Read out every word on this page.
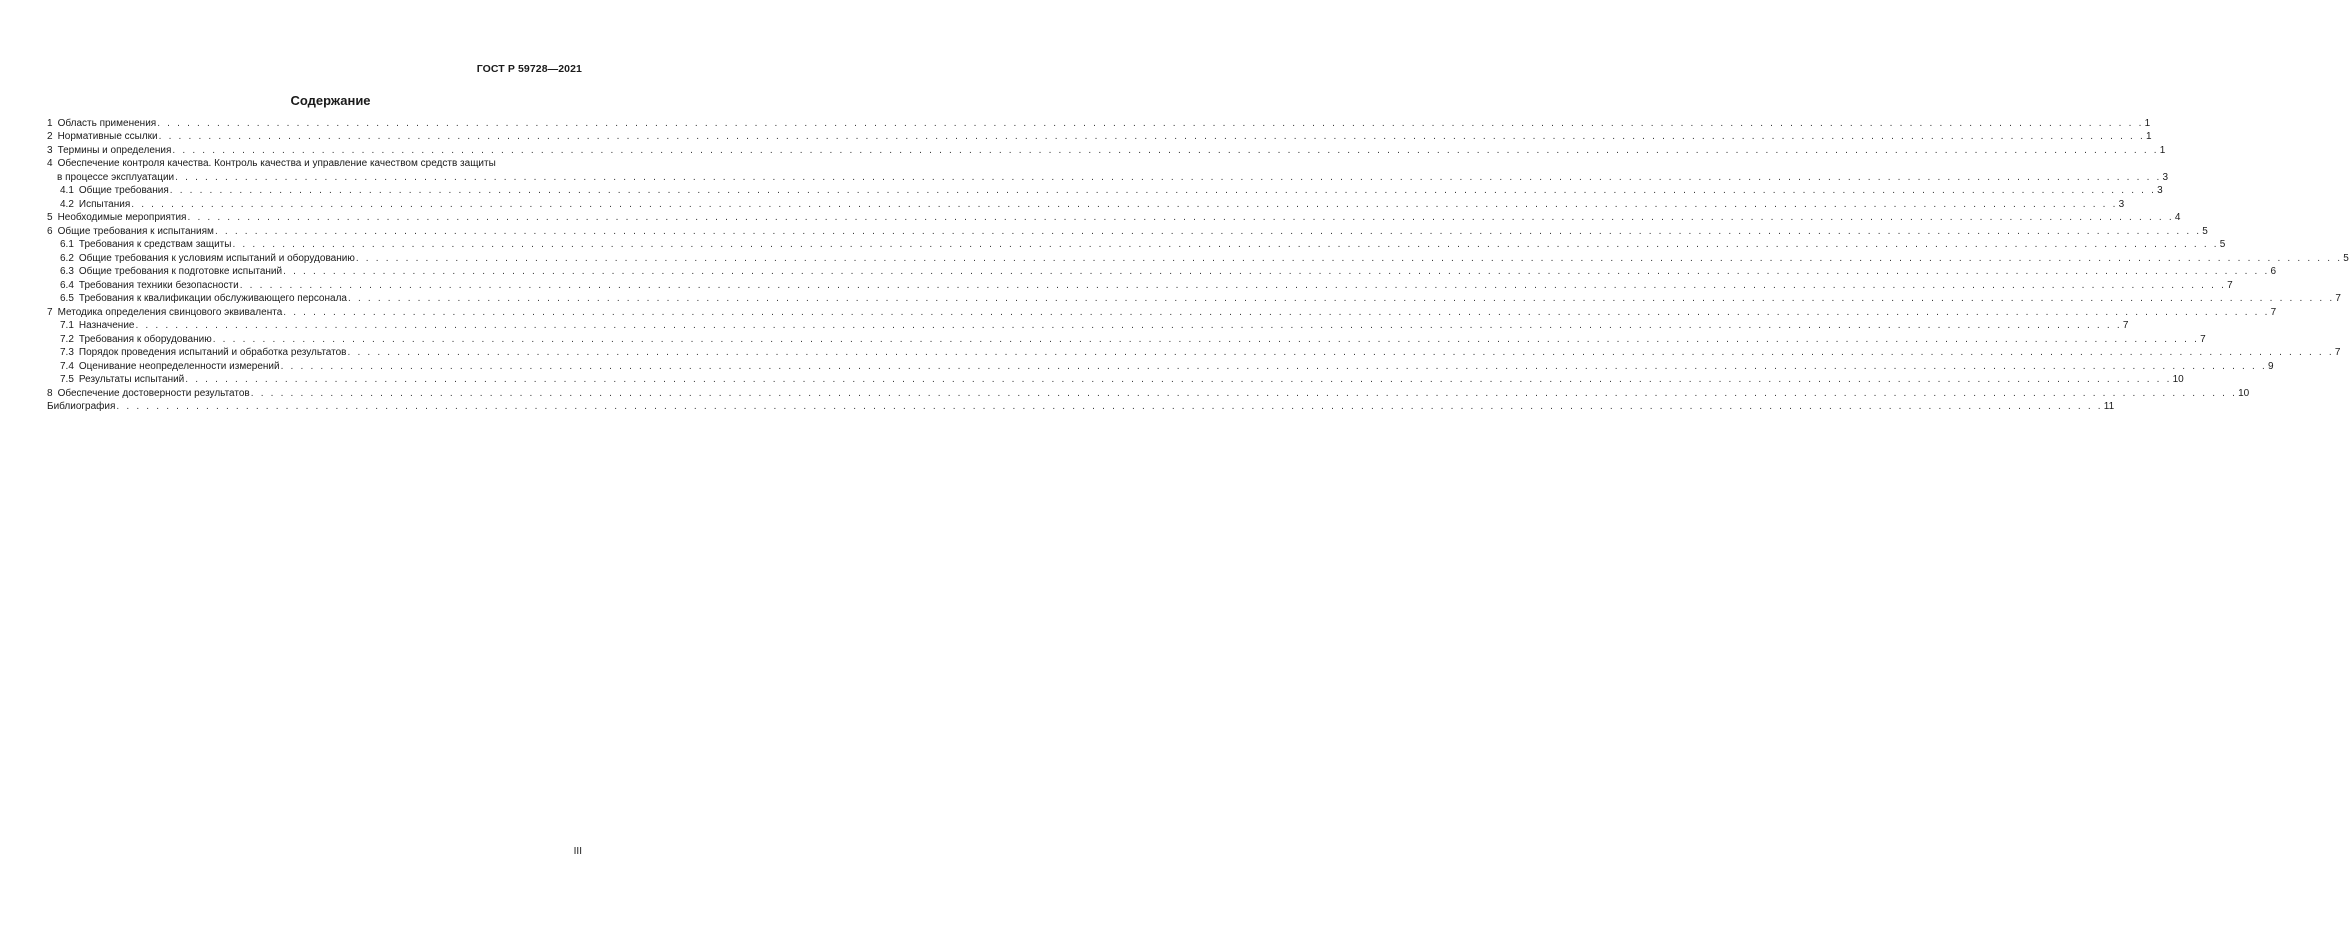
ГОСТ Р 59728—2021
Содержание
1 Область применения . . . . . . . . . . . . . . . . . . . . . . . . . . . . . . . . . . . . . . . . . . . . . . . . . . . . . . . . . . . . . . . . . . . . . . . . . . . . . . . . . . . . . . . . . . . . . . . . . . . . . . . . . . . . . . . . . . . . . . . . . . . . . . . . . . . . . . . . . . . . . . . . . . . . . . . . . . . . . . . . . . . . . . . . . . . . . . . . . . . . . . . . . . . . . . . . . . . . . . . . 1
2 Нормативные ссылки . . . . . . . . . . . . . . . . . . . . . . . . . . . . . . . . . . . . . . . . . . . . . . . . . . . . . . . . . . . . . . . . . . . . . . . . . . . . . . . . . . . . . . . . . . . . . . . . . . . . . . . . . . . . . . . . . . . . . . . . . . . . . . . . . . . . . . . . . . . . . . . . . . . . . . . . . . . . . . . . . . . . . . . . . . . . . . . . . . . . . . . . . . . . . . . . . . . . . . . . 1
3 Термины и определения . . . . . . . . . . . . . . . . . . . . . . . . . . . . . . . . . . . . . . . . . . . . . . . . . . . . . . . . . . . . . . . . . . . . . . . . . . . . . . . . . . . . . . . . . . . . . . . . . . . . . . . . . . . . . . . . . . . . . . . . . . . . . . . . . . . . . . . . . . . . . . . . . . . . . . . . . . . . . . . . . . . . . . . . . . . . . . . . . . . . . . . . . . . . . . . . . . . . . . . . 1
4 Обеспечение контроля качества. Контроль качества и управление качеством средств защиты
в процессе эксплуатации . . . . . . . . . . . . . . . . . . . . . . . . . . . . . . . . . . . . . . . . . . . . . . . . . . . . . . . . . . . . . . . . . . . . . . . . . . . . . . . . . . . . . . . . . . . . . . . . . . . . . . . . . . . . . . . . . . . . . . . . . . . . . . . . . . . . . . . . . . . . . . . . . . . . . . . . . . . . . . . . . . . . . . . . . . . . . . . . . . . . . . . . . . . . . . . . . . . . . . . . 3
4.1 Общие требования . . . . . . . . . . . . . . . . . . . . . . . . . . . . . . . . . . . . . . . . . . . . . . . . . . . . . . . . . . . . . . . . . . . . . . . . . . . . . . . . . . . . . . . . . . . . . . . . . . . . . . . . . . . . . . . . . . . . . . . . . . . . . . . . . . . . . . . . . . . . . . . . . . . . . . . . . . . . . . . . . . . . . . . . . . . . . . . . . . . . . . . . . . . . . . . . . . . . . . . . 3
4.2 Испытания . . . . . . . . . . . . . . . . . . . . . . . . . . . . . . . . . . . . . . . . . . . . . . . . . . . . . . . . . . . . . . . . . . . . . . . . . . . . . . . . . . . . . . . . . . . . . . . . . . . . . . . . . . . . . . . . . . . . . . . . . . . . . . . . . . . . . . . . . . . . . . . . . . . . . . . . . . . . . . . . . . . . . . . . . . . . . . . . . . . . . . . . . . . . . . . . . . . . . . . . 3
5 Необходимые мероприятия . . . . . . . . . . . . . . . . . . . . . . . . . . . . . . . . . . . . . . . . . . . . . . . . . . . . . . . . . . . . . . . . . . . . . . . . . . . . . . . . . . . . . . . . . . . . . . . . . . . . . . . . . . . . . . . . . . . . . . . . . . . . . . . . . . . . . . . . . . . . . . . . . . . . . . . . . . . . . . . . . . . . . . . . . . . . . . . . . . . . . . . . . . . . . . . . . . . . . . . . 4
6 Общие требования к испытаниям . . . . . . . . . . . . . . . . . . . . . . . . . . . . . . . . . . . . . . . . . . . . . . . . . . . . . . . . . . . . . . . . . . . . . . . . . . . . . . . . . . . . . . . . . . . . . . . . . . . . . . . . . . . . . . . . . . . . . . . . . . . . . . . . . . . . . . . . . . . . . . . . . . . . . . . . . . . . . . . . . . . . . . . . . . . . . . . . . . . . . . . . . . . . . . . . . . . . . . . . 5
6.1 Требования к средствам защиты . . . . . . . . . . . . . . . . . . . . . . . . . . . . . . . . . . . . . . . . . . . . . . . . . . . . . . . . . . . . . . . . . . . . . . . . . . . . . . . . . . . . . . . . . . . . . . . . . . . . . . . . . . . . . . . . . . . . . . . . . . . . . . . . . . . . . . . . . . . . . . . . . . . . . . . . . . . . . . . . . . . . . . . . . . . . . . . . . . . . . . . . . . . . . . . . . . . . . . . . 5
6.2 Общие требования к условиям испытаний и оборудованию . . . . . . . . . . . . . . . . . . . . . . . . . . . . . . . . . . . . . . . . . . . . . . . . . . . . . . . . . . . . . . . . . . . . . . . . . . . . . . . . . . . . . . . . . . . . . . . . . . . . . . . . . . . . . . . . . . . . . . . . . . . . . . . . . . . . . . . . . . . . . . . . . . . . . . . . . . . . . . . . . . . . . . . . . . . . . . . . . . . . . . . . . . . . . . . . . . . . . . . . 5
6.3 Общие требования к подготовке испытаний . . . . . . . . . . . . . . . . . . . . . . . . . . . . . . . . . . . . . . . . . . . . . . . . . . . . . . . . . . . . . . . . . . . . . . . . . . . . . . . . . . . . . . . . . . . . . . . . . . . . . . . . . . . . . . . . . . . . . . . . . . . . . . . . . . . . . . . . . . . . . . . . . . . . . . . . . . . . . . . . . . . . . . . . . . . . . . . . . . . . . . . . . . . . . . . . . . . . . . . . 6
6.4 Требования техники безопасности . . . . . . . . . . . . . . . . . . . . . . . . . . . . . . . . . . . . . . . . . . . . . . . . . . . . . . . . . . . . . . . . . . . . . . . . . . . . . . . . . . . . . . . . . . . . . . . . . . . . . . . . . . . . . . . . . . . . . . . . . . . . . . . . . . . . . . . . . . . . . . . . . . . . . . . . . . . . . . . . . . . . . . . . . . . . . . . . . . . . . . . . . . . . . . . . . . . . . . . . 7
6.5 Требования к квалификации обслуживающего персонала . . . . . . . . . . . . . . . . . . . . . . . . . . . . . . . . . . . . . . . . . . . . . . . . . . . . . . . . . . . . . . . . . . . . . . . . . . . . . . . . . . . . . . . . . . . . . . . . . . . . . . . . . . . . . . . . . . . . . . . . . . . . . . . . . . . . . . . . . . . . . . . . . . . . . . . . . . . . . . . . . . . . . . . . . . . . . . . . . . . . . . . . . . . . . . . . . . . . . . . . 7
7 Методика определения свинцового эквивалента . . . . . . . . . . . . . . . . . . . . . . . . . . . . . . . . . . . . . . . . . . . . . . . . . . . . . . . . . . . . . . . . . . . . . . . . . . . . . . . . . . . . . . . . . . . . . . . . . . . . . . . . . . . . . . . . . . . . . . . . . . . . . . . . . . . . . . . . . . . . . . . . . . . . . . . . . . . . . . . . . . . . . . . . . . . . . . . . . . . . . . . . . . . . . . . . . . . . . . . . 7
7.1 Назначение . . . . . . . . . . . . . . . . . . . . . . . . . . . . . . . . . . . . . . . . . . . . . . . . . . . . . . . . . . . . . . . . . . . . . . . . . . . . . . . . . . . . . . . . . . . . . . . . . . . . . . . . . . . . . . . . . . . . . . . . . . . . . . . . . . . . . . . . . . . . . . . . . . . . . . . . . . . . . . . . . . . . . . . . . . . . . . . . . . . . . . . . . . . . . . . . . . . . . . . . 7
7.2 Требования к оборудованию . . . . . . . . . . . . . . . . . . . . . . . . . . . . . . . . . . . . . . . . . . . . . . . . . . . . . . . . . . . . . . . . . . . . . . . . . . . . . . . . . . . . . . . . . . . . . . . . . . . . . . . . . . . . . . . . . . . . . . . . . . . . . . . . . . . . . . . . . . . . . . . . . . . . . . . . . . . . . . . . . . . . . . . . . . . . . . . . . . . . . . . . . . . . . . . . . . . . . . . . 7
7.3 Порядок проведения испытаний и обработка результатов . . . . . . . . . . . . . . . . . . . . . . . . . . . . . . . . . . . . . . . . . . . . . . . . . . . . . . . . . . . . . . . . . . . . . . . . . . . . . . . . . . . . . . . . . . . . . . . . . . . . . . . . . . . . . . . . . . . . . . . . . . . . . . . . . . . . . . . . . . . . . . . . . . . . . . . . . . . . . . . . . . . . . . . . . . . . . . . . . . . . . . . . . . . . . . . . . . . . . . . . 7
7.4 Оценивание неопределенности измерений . . . . . . . . . . . . . . . . . . . . . . . . . . . . . . . . . . . . . . . . . . . . . . . . . . . . . . . . . . . . . . . . . . . . . . . . . . . . . . . . . . . . . . . . . . . . . . . . . . . . . . . . . . . . . . . . . . . . . . . . . . . . . . . . . . . . . . . . . . . . . . . . . . . . . . . . . . . . . . . . . . . . . . . . . . . . . . . . . . . . . . . . . . . . . . . . . . . . . . . . 9
7.5 Результаты испытаний . . . . . . . . . . . . . . . . . . . . . . . . . . . . . . . . . . . . . . . . . . . . . . . . . . . . . . . . . . . . . . . . . . . . . . . . . . . . . . . . . . . . . . . . . . . . . . . . . . . . . . . . . . . . . . . . . . . . . . . . . . . . . . . . . . . . . . . . . . . . . . . . . . . . . . . . . . . . . . . . . . . . . . . . . . . . . . . . . . . . . . . . . . . . . . . . . . . . . . . . 10
8 Обеспечение достоверности результатов . . . . . . . . . . . . . . . . . . . . . . . . . . . . . . . . . . . . . . . . . . . . . . . . . . . . . . . . . . . . . . . . . . . . . . . . . . . . . . . . . . . . . . . . . . . . . . . . . . . . . . . . . . . . . . . . . . . . . . . . . . . . . . . . . . . . . . . . . . . . . . . . . . . . . . . . . . . . . . . . . . . . . . . . . . . . . . . . . . . . . . . . . . . . . . . . . . . . . . . . 10
Библиография . . . . . . . . . . . . . . . . . . . . . . . . . . . . . . . . . . . . . . . . . . . . . . . . . . . . . . . . . . . . . . . . . . . . . . . . . . . . . . . . . . . . . . . . . . . . . . . . . . . . . . . . . . . . . . . . . . . . . . . . . . . . . . . . . . . . . . . . . . . . . . . . . . . . . . . . . . . . . . . . . . . . . . . . . . . . . . . . . . . . . . . . . . . . . . . . . . . . . . . . 11
III
